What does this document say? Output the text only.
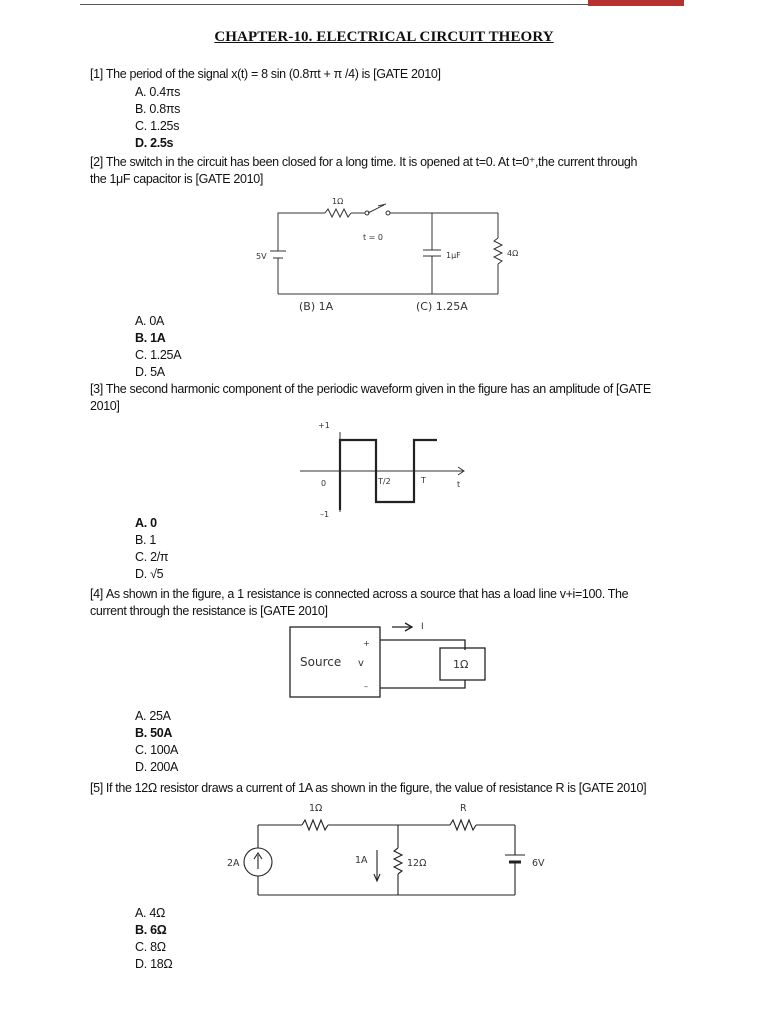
CHAPTER-10. ELECTRICAL CIRCUIT THEORY
[1] The period of the signal x(t) = 8 sin (0.8πt + π /4) is [GATE 2010]
A. 0.4πs
B. 0.8πs
C. 1.25s
D. 2.5s
[2] The switch in the circuit has been closed for a long time. It is opened at t=0. At t=0⁺,the current through
the 1μF capacitor is [GATE 2010]
1Ω
t = 0
5V	1μF	4Ω
(B) 1A	(C) 1.25A
A. 0A
B. 1A
C. 1.25A
D. 5A
[3] The second harmonic component of the periodic waveform given in the figure has an amplitude of [GATE
2010]
+1
–1
0	T/2	T	t
A. 0
B. 1
C. 2/π
D. √5
[4] As shown in the figure, a 1 resistance is connected across a source that has a load line v+i=100. The
current through the resistance is [GATE 2010]
Source v
+
–
I
1Ω
A. 25A
B. 50A
C. 100A
D. 200A
[5] If the 12Ω resistor draws a current of 1A as shown in the figure, the value of resistance R is [GATE 2010]
1Ω	R
2A	1A	12Ω	6V
A. 4Ω
B. 6Ω
C. 8Ω
D. 18Ω
